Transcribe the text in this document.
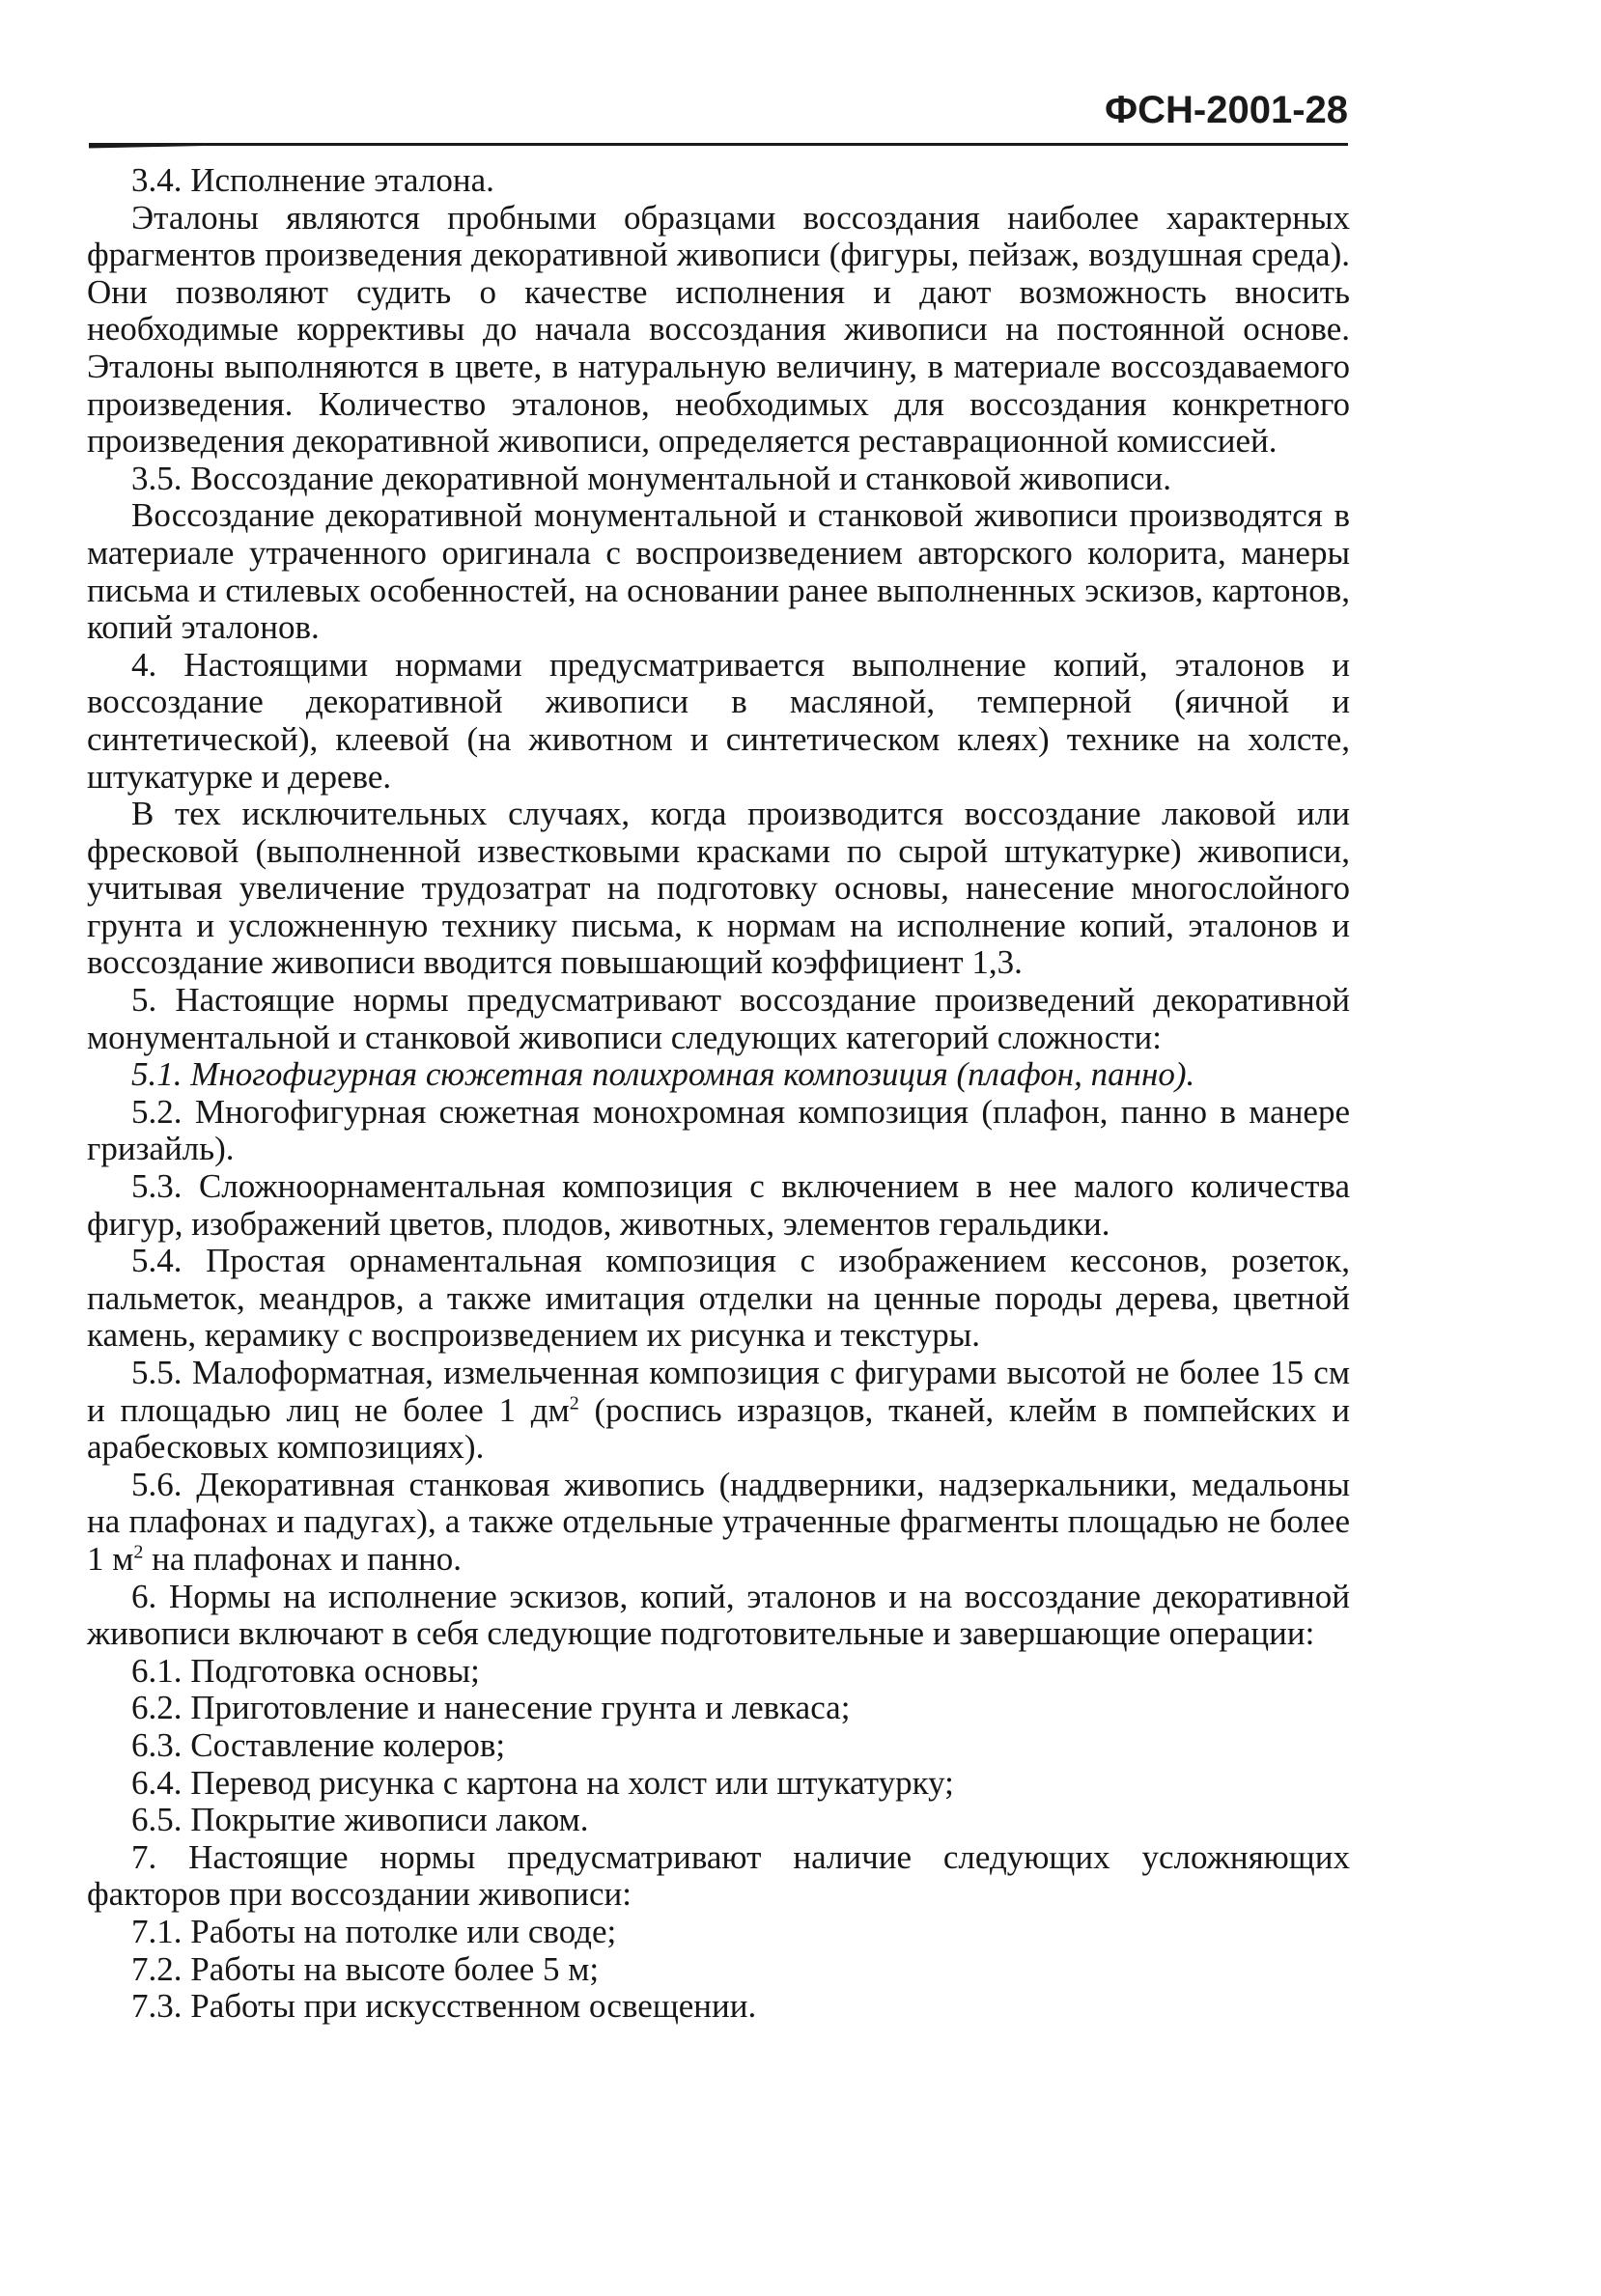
ФСН-2001-28

3.4. Исполнение эталона.

Эталоны являются пробными образцами воссоздания наиболее характерных фрагментов произведения декоративной живописи (фигуры, пейзаж, воздушная среда). Они позволяют судить о качестве исполнения и дают возможность вносить необходимые коррективы до начала воссоздания живописи на постоянной основе. Эталоны выполняются в цвете, в натуральную величину, в материале воссоздаваемого произведения. Количество эталонов, необходимых для воссоздания конкретного произведения декоративной живописи, определяется реставрационной комиссией.

3.5. Воссоздание декоративной монументальной и станковой живописи.

Воссоздание декоративной монументальной и станковой живописи производятся в материале утраченного оригинала с воспроизведением авторского колорита, манеры письма и стилевых особенностей, на основании ранее выполненных эскизов, картонов, копий эталонов.

4. Настоящими нормами предусматривается выполнение копий, эталонов и воссоздание декоративной живописи в масляной, темперной (яичной и синтетической), клеевой (на животном и синтетическом клеях) технике на холсте, штукатурке и дереве.

В тех исключительных случаях, когда производится воссоздание лаковой или фресковой (выполненной известковыми красками по сырой штукатурке) живописи, учитывая увеличение трудозатрат на подготовку основы, нанесение многослойного грунта и усложненную технику письма, к нормам на исполнение копий, эталонов и воссоздание живописи вводится повышающий коэффициент 1,3.

5. Настоящие нормы предусматривают воссоздание произведений декоративной монументальной и станковой живописи следующих категорий сложности:

5.1. Многофигурная сюжетная полихромная композиция (плафон, панно).

5.2. Многофигурная сюжетная монохромная композиция (плафон, панно в манере гризайль).

5.3. Сложноорнаментальная композиция с включением в нее малого количества фигур, изображений цветов, плодов, животных, элементов геральдики.

5.4. Простая орнаментальная композиция с изображением кессонов, розеток, пальметок, меандров, а также имитация отделки на ценные породы дерева, цветной камень, керамику с воспроизведением их рисунка и текстуры.

5.5. Малоформатная, измельченная композиция с фигурами высотой не более 15 см и площадью лиц не более 1 $дм^2$ (роспись изразцов, тканей, клейм в помпейских и арабесковых композициях).

5.6. Декоративная станковая живопись (наддверники, надзеркальники, медальоны на плафонах и падугах), а также отдельные утраченные фрагменты площадью не более 1 $м^2$ на плафонах и панно.

6. Нормы на исполнение эскизов, копий, эталонов и на воссоздание декоративной живописи включают в себя следующие подготовительные и завершающие операции:

6.1. Подготовка основы;

6.2. Приготовление и нанесение грунта и левкаса;

6.3. Составление колеров;

6.4. Перевод рисунка с картона на холст или штукатурку;

6.5. Покрытие живописи лаком.

7. Настоящие нормы предусматривают наличие следующих усложняющих факторов при воссоздании живописи:

7.1. Работы на потолке или своде;

7.2. Работы на высоте более 5 м;

7.3. Работы при искусственном освещении.
